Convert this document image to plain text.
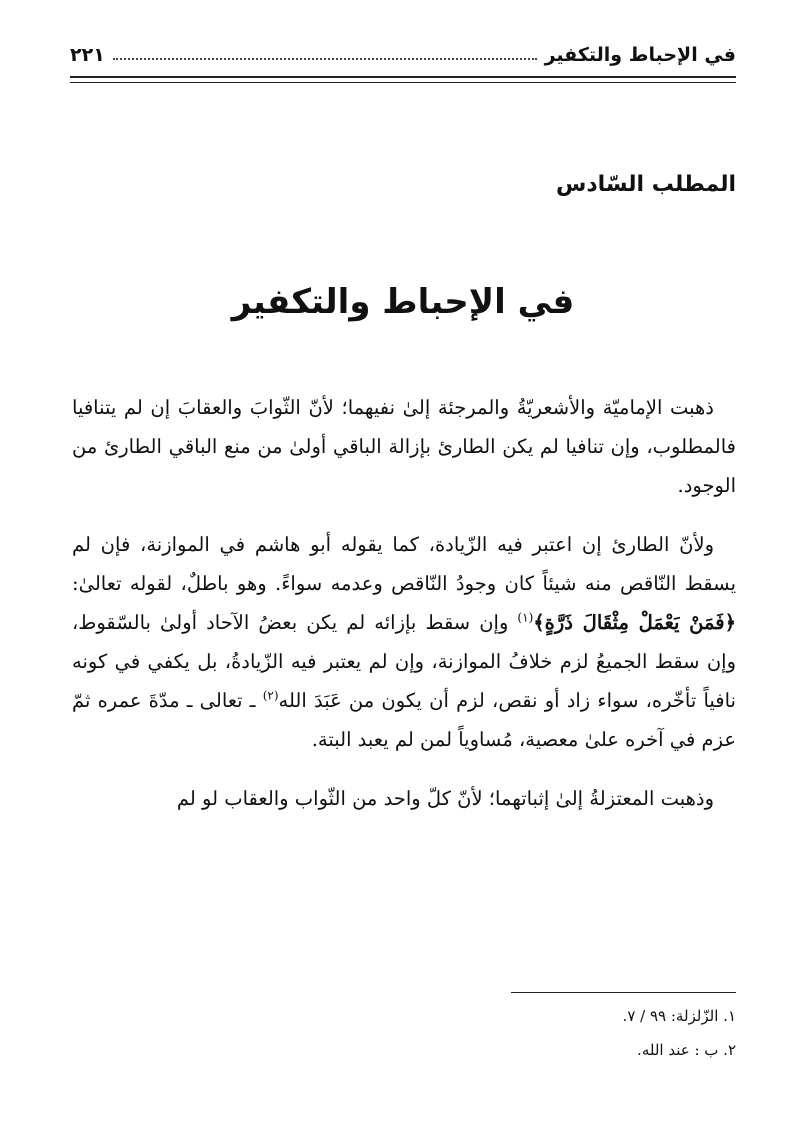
في الإحباط والتكفير
٢٢١
المطلب السّادس
في الإحباط والتكفير

ذهبت الإماميّة والأشعريّةُ والمرجئة إلىٰ نفيهما؛ لأنّ الثّوابَ والعقابَ إن لم يتنافيا فالمطلوب، وإن تنافيا لم يكن الطارئ بإزالة الباقي أولىٰ من منع الباقي الطارئ من الوجود.

ولأنّ الطارئ إن اعتبر فيه الزّيادة، كما يقوله أبو هاشم في الموازنة، فإن لم يسقط النّاقص منه شيئاً كان وجودُ النّاقص وعدمه سواءً. وهو باطلٌ، لقوله تعالىٰ: ﴿فَمَنْ يَعْمَلْ مِثْقَالَ ذَرَّةٍ﴾$^{(١)}$ وإن سقط بإزائه لم يكن بعضُ الآحاد أولىٰ بالسّقوط، وإن سقط الجميعُ لزم خلافُ الموازنة، وإن لم يعتبر فيه الزّيادةُ، بل يكفي في كونه نافياً تأخّره، سواء زاد أو نقص، لزم أن يكون من عَبَدَ الله$^{(٢)}$ ـ تعالى ـ مدّةَ عمره ثمّ عزم في آخره علىٰ معصية، مُساوياً لمن لم يعبد البتة.

وذهبت المعتزلةُ إلىٰ إثباتهما؛ لأنّ كلّ واحد من الثّواب والعقاب لو لم

١. الزّلزلة: ٩٩ / ٧.
٢. ب : عند الله.
